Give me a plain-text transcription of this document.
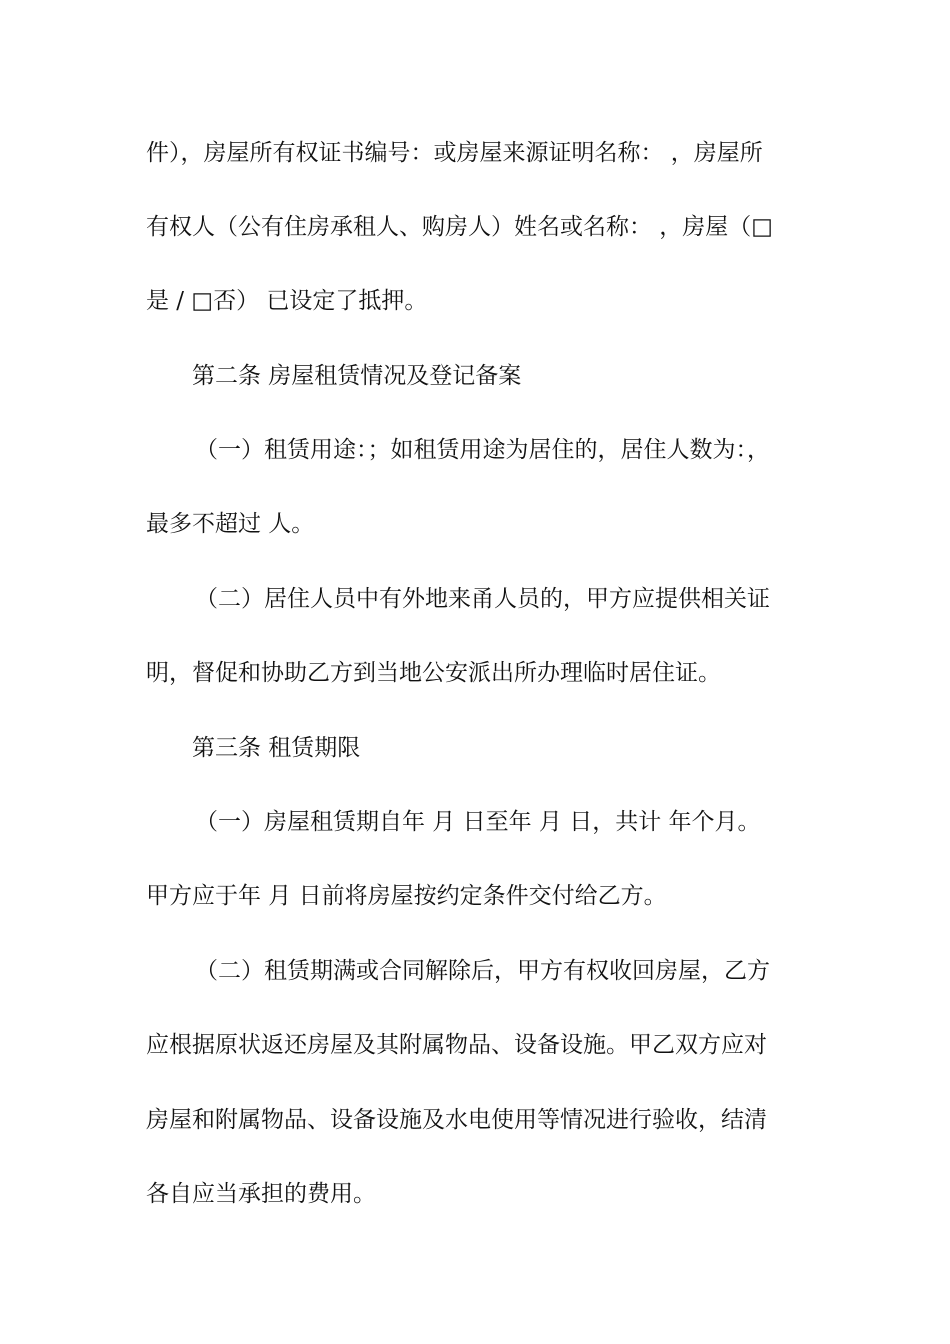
件），房屋所有权证书编号：或房屋来源证明名称： ，房屋所
有权人（公有住房承租人、购房人）姓名或名称： ，房屋（□
是 / □否） 已设定了抵押。
第二条 房屋租赁情况及登记备案
（一）租赁用途：；如租赁用途为居住的，居住人数为：，
最多不超过 人。
（二）居住人员中有外地来甬人员的，甲方应提供相关证
明，督促和协助乙方到当地公安派出所办理临时居住证。
第三条 租赁期限
（一）房屋租赁期自年 月 日至年 月 日，共计 年个月。
甲方应于年 月 日前将房屋按约定条件交付给乙方。
（二）租赁期满或合同解除后，甲方有权收回房屋，乙方
应根据原状返还房屋及其附属物品、设备设施。甲乙双方应对
房屋和附属物品、设备设施及水电使用等情况进行验收，结清
各自应当承担的费用。
